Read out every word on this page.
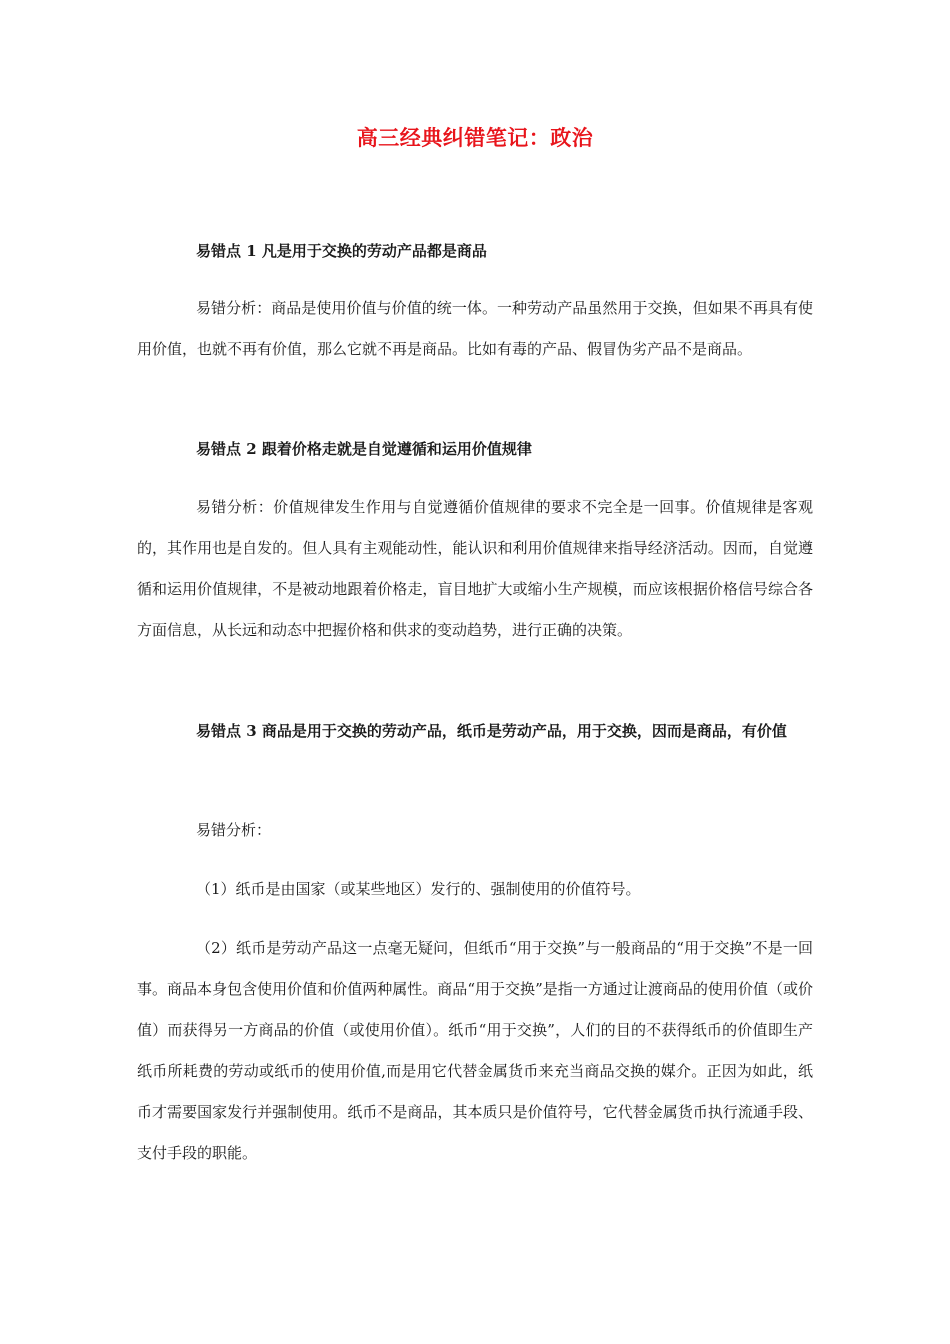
高三经典纠错笔记：政治
易错点 1 凡是用于交换的劳动产品都是商品
易错分析：商品是使用价值与价值的统一体。一种劳动产品虽然用于交换，但如果不再具有使用价值，也就不再有价值，那么它就不再是商品。比如有毒的产品、假冒伪劣产品不是商品。
易错点 2 跟着价格走就是自觉遵循和运用价值规律
易错分析：价值规律发生作用与自觉遵循价值规律的要求不完全是一回事。价值规律是客观的，其作用也是自发的。但人具有主观能动性，能认识和利用价值规律来指导经济活动。因而，自觉遵循和运用价值规律，不是被动地跟着价格走，盲目地扩大或缩小生产规模，而应该根据价格信号综合各方面信息，从长远和动态中把握价格和供求的变动趋势，进行正确的决策。
易错点 3 商品是用于交换的劳动产品，纸币是劳动产品，用于交换，因而是商品，有价值
易错分析：
（1）纸币是由国家（或某些地区）发行的、强制使用的价值符号。
（2）纸币是劳动产品这一点毫无疑问，但纸币“用于交换”与一般商品的“用于交换”不是一回事。商品本身包含使用价值和价值两种属性。商品“用于交换”是指一方通过让渡商品的使用价值（或价值）而获得另一方商品的价值（或使用价值）。纸币“用于交换”，人们的目的不获得纸币的价值即生产纸币所耗费的劳动或纸币的使用价值,而是用它代替金属货币来充当商品交换的媒介。正因为如此，纸币才需要国家发行并强制使用。纸币不是商品，其本质只是价值符号，它代替金属货币执行流通手段、支付手段的职能。
